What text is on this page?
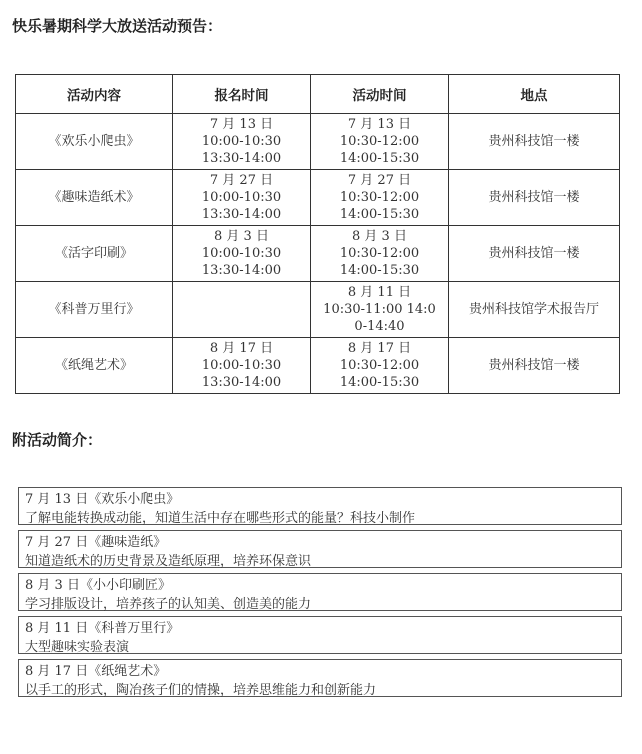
快乐暑期科学大放送活动预告：
活动内容	报名时间	活动时间	地点
《欢乐小爬虫》	7 月 13 日
10:00-10:30
13:30-14:00	7 月 13 日
10:30-12:00
14:00-15:30	贵州科技馆一楼
《趣味造纸术》	7 月 27 日
10:00-10:30
13:30-14:00	7 月 27 日
10:30-12:00
14:00-15:30	贵州科技馆一楼
《活字印刷》	8 月 3 日
10:00-10:30
13:30-14:00	8 月 3 日
10:30-12:00
14:00-15:30	贵州科技馆一楼
《科普万里行》		8 月 11 日
10:30-11:00 14:0
0-14:40	贵州科技馆学术报告厅
《纸绳艺术》	8 月 17 日
10:00-10:30
13:30-14:00	8 月 17 日
10:30-12:00
14:00-15:30	贵州科技馆一楼
附活动简介：
7 月 13 日《欢乐小爬虫》
了解电能转换成动能，知道生活中存在哪些形式的能量？科技小制作
7 月 27 日《趣味造纸》
知道造纸术的历史背景及造纸原理，培养环保意识
8 月 3 日《小小印刷匠》
学习排版设计，培养孩子的认知美、创造美的能力
8 月 11 日《科普万里行》
大型趣味实验表演
8 月 17 日《纸绳艺术》
以手工的形式，陶冶孩子们的情操，培养思维能力和创新能力
